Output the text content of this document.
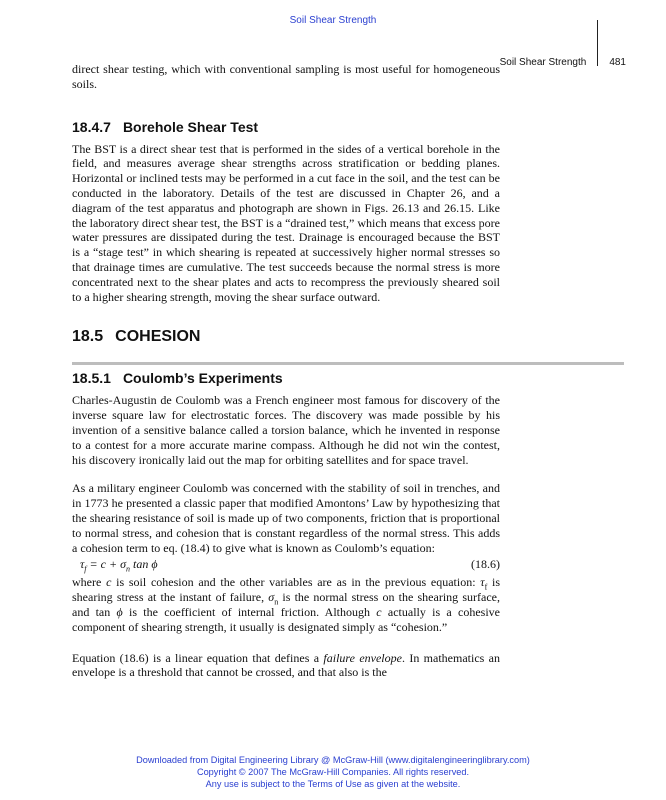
Soil Shear Strength
Soil Shear Strength 481

direct shear testing, which with conventional sampling is most useful for homogeneous soils.

18.4.7 Borehole Shear Test

The BST is a direct shear test that is performed in the sides of a vertical borehole in the field, and measures average shear strengths across stratification or bedding planes. Horizontal or inclined tests may be performed in a cut face in the soil, and the test can be conducted in the laboratory. Details of the test are discussed in Chapter 26, and a diagram of the test apparatus and photograph are shown in Figs. 26.13 and 26.15. Like the laboratory direct shear test, the BST is a “drained test,” which means that excess pore water pressures are dissipated during the test. Drainage is encouraged because the BST is a “stage test” in which shearing is repeated at successively higher normal stresses so that drainage times are cumulative. The test succeeds because the normal stress is more concentrated next to the shear plates and acts to recompress the previously sheared soil to a higher shearing strength, moving the shear surface outward.

18.5 COHESION
18.5.1 Coulomb’s Experiments

Charles-Augustin de Coulomb was a French engineer most famous for discovery of the inverse square law for electrostatic forces. The discovery was made possible by his invention of a sensitive balance called a torsion balance, which he invented in response to a contest for a more accurate marine compass. Although he did not win the contest, his discovery ironically laid out the map for orbiting satellites and for space travel.

As a military engineer Coulomb was concerned with the stability of soil in trenches, and in 1773 he presented a classic paper that modified Amontons’ Law by hypothesizing that the shearing resistance of soil is made up of two components, friction that is proportional to normal stress, and cohesion that is constant regardless of the normal stress. This adds a cohesion term to eq. (18.4) to give what is known as Coulomb’s equation:

$\tau_f = c + \sigma_n$ tan ϕ	(18.6)

where c is soil cohesion and the other variables are as in the previous equation: $\tau_f$ is shearing stress at the instant of failure, $\sigma_n$ is the normal stress on the shearing surface, and tan ϕ is the coefficient of internal friction. Although c actually is a cohesive component of shearing strength, it usually is designated simply as “cohesion.”

Equation (18.6) is a linear equation that defines a failure envelope. In mathematics an envelope is a threshold that cannot be crossed, and that also is the

Downloaded from Digital Engineering Library @ McGraw-Hill (www.digitalengineeringlibrary.com)
Copyright © 2007 The McGraw-Hill Companies. All rights reserved.
Any use is subject to the Terms of Use as given at the website.
